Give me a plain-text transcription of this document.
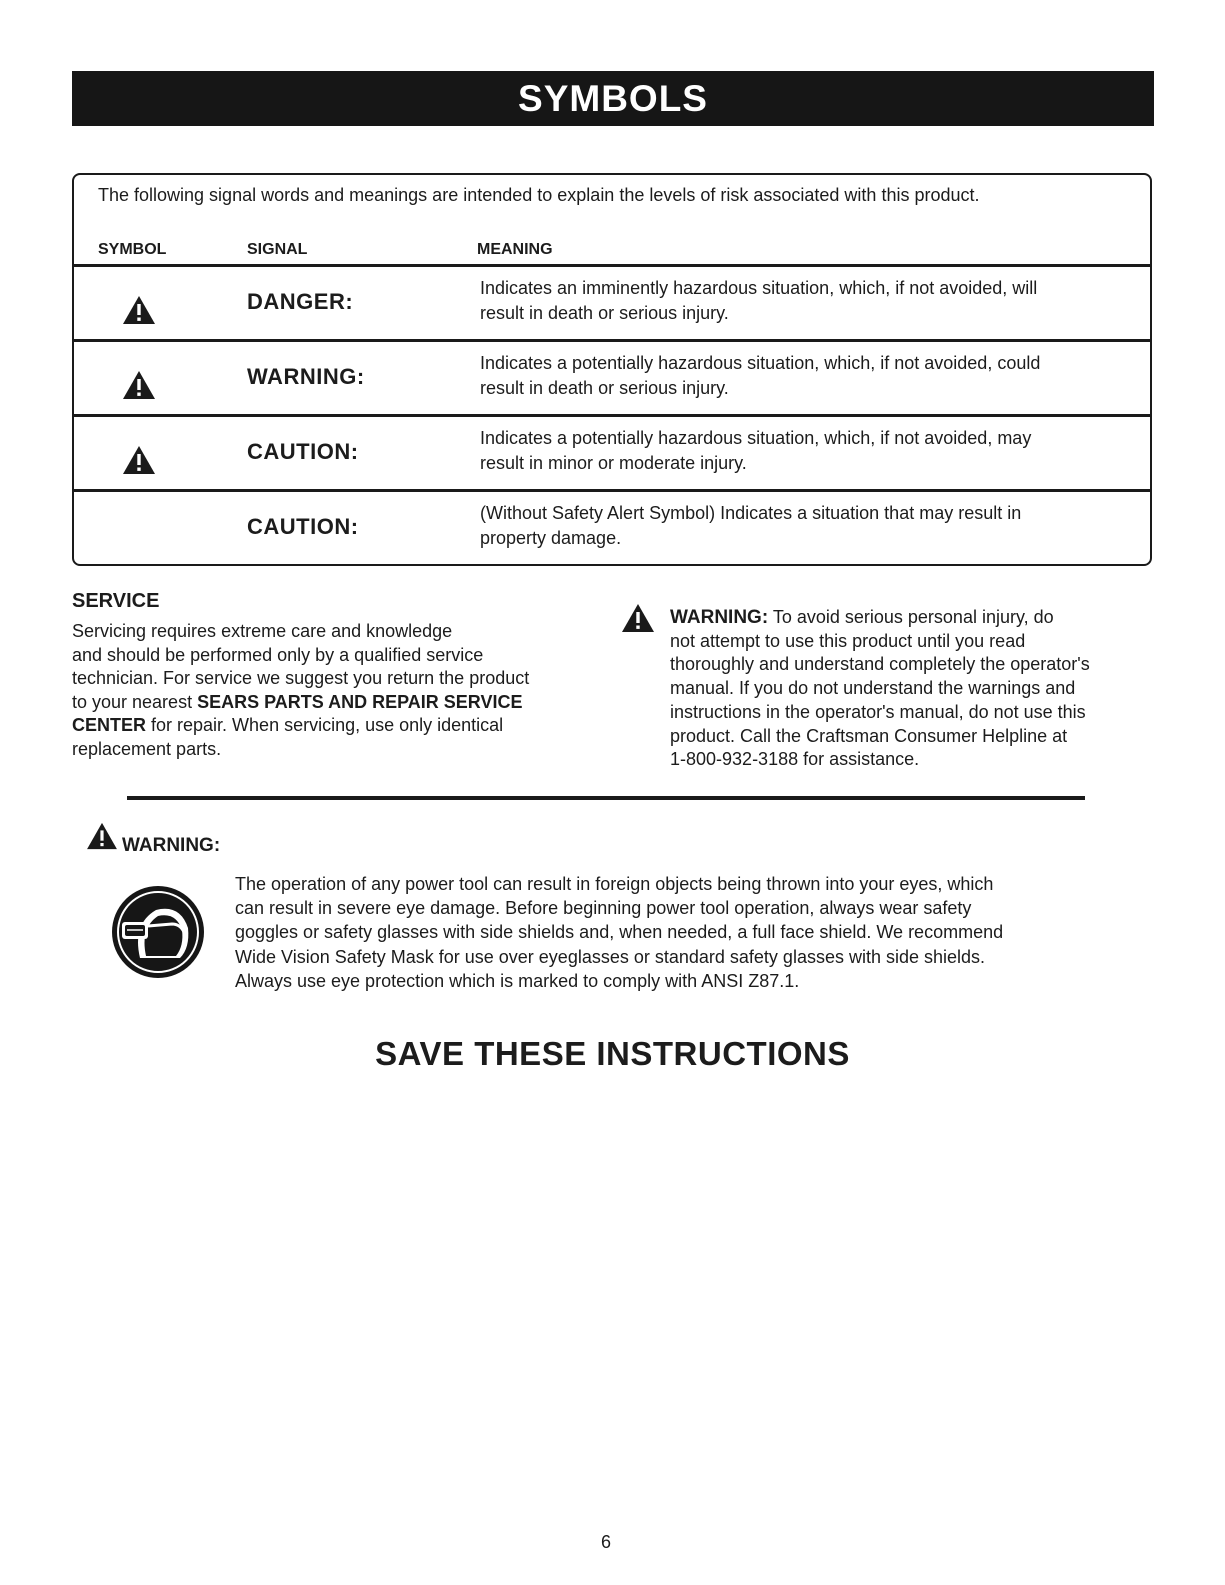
SYMBOLS
The following signal words and meanings are intended to explain the levels of risk associated with this product.
SYMBOL	SIGNAL	MEANING
DANGER:
Indicates an imminently hazardous situation, which, if not avoided, will
result in death or serious injury.
WARNING:
Indicates a potentially hazardous situation, which, if not avoided, could
result in death or serious injury.
CAUTION:
Indicates a potentially hazardous situation, which, if not avoided, may
result in minor or moderate injury.
CAUTION:
(Without Safety Alert Symbol) Indicates a situation that may result in
property damage.
SERVICE
Servicing requires extreme care and knowledge
and should be performed only by a qualified service
technician. For service we suggest you return the product
to your nearest SEARS PARTS AND REPAIR SERVICE
CENTER for repair. When servicing, use only identical
replacement parts.
WARNING: To avoid serious personal injury, do
not attempt to use this product until you read
thoroughly and understand completely the operator's
manual. If you do not understand the warnings and
instructions in the operator's manual, do not use this
product. Call the Craftsman Consumer Helpline at
1-800-932-3188 for assistance.
WARNING:
The operation of any power tool can result in foreign objects being thrown into your eyes, which
can result in severe eye damage. Before beginning power tool operation, always wear safety
goggles or safety glasses with side shields and, when needed, a full face shield. We recommend
Wide Vision Safety Mask for use over eyeglasses or standard safety glasses with side shields.
Always use eye protection which is marked to comply with ANSI Z87.1.
SAVE THESE INSTRUCTIONS
6
